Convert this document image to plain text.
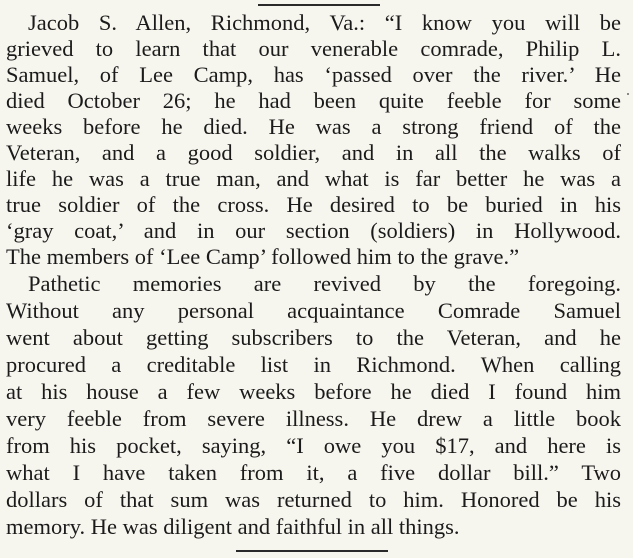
Jacob S. Allen, Richmond, Va.: “I know you will be
grieved to learn that our venerable comrade, Philip L.
Samuel, of Lee Camp, has ‘passed over the river.’ He
died October 26; he had been quite feeble for some
weeks before he died. He was a strong friend of the
Veteran, and a good soldier, and in all the walks of
life he was a true man, and what is far better he was a
true soldier of the cross. He desired to be buried in his
‘gray coat,’ and in our section (soldiers) in Hollywood.
The members of ‘Lee Camp’ followed him to the grave.”
Pathetic memories are revived by the foregoing.
Without any personal acquaintance Comrade Samuel
went about getting subscribers to the Veteran, and he
procured a creditable list in Richmond. When calling
at his house a few weeks before he died I found him
very feeble from severe illness. He drew a little book
from his pocket, saying, “I owe you $17, and here is
what I have taken from it, a five dollar bill.” Two
dollars of that sum was returned to him. Honored be his
memory. He was diligent and faithful in all things.
